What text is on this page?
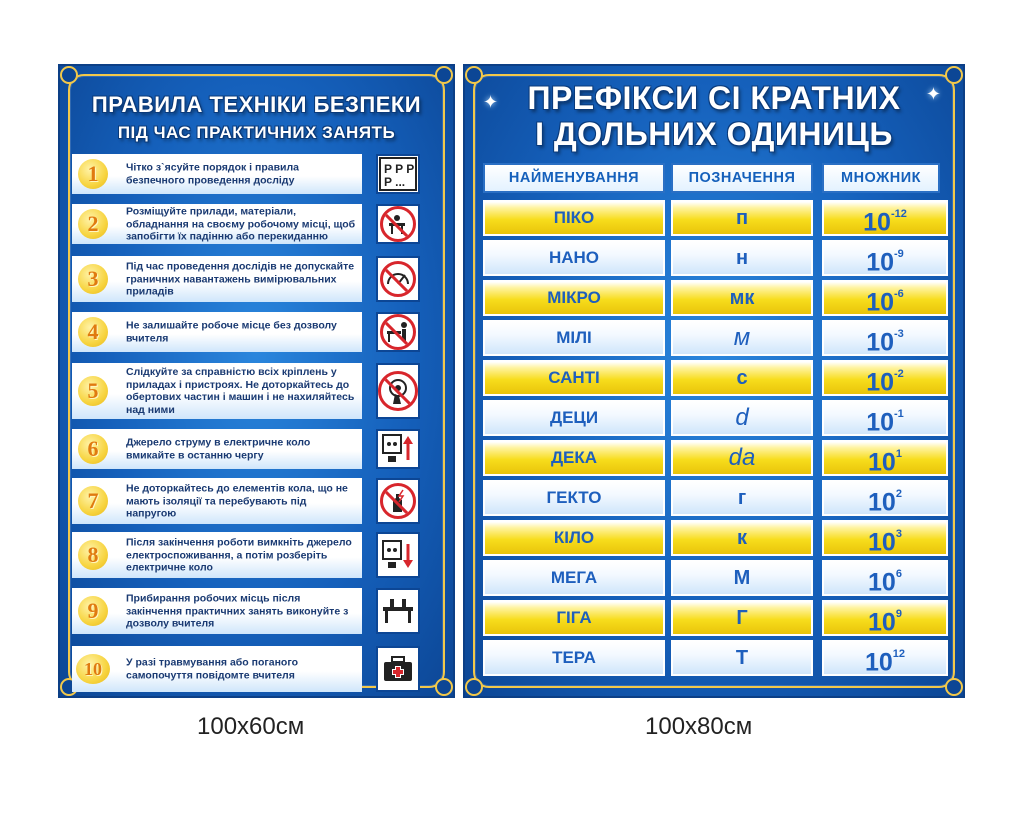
ПРАВИЛА ТЕХНІКИ БЕЗПЕКИ
ПІД ЧАС ПРАКТИЧНИХ ЗАНЯТЬ
1	Чітко з`ясуйте порядок і правила безпечного проведення досліду
P P P
P ...
2	Розміщуйте прилади, матеріали, обладнання на своєму робочому місці, щоб запобігти їх падінню або перекиданню
3	Під час проведення дослідів не допускайте граничних навантажень вимірювальних приладів
4	Не залишайте робоче місце без дозволу вчителя
5
Слідкуйте за справністю всіх кріплень у приладах і пристроях. Не доторкайтесь до обертових частин і машин і не нахиляйтесь над ними
6	Джерело струму в електричне коло вмикайте в останню чергу
7	Не доторкайтесь до елементів кола, що не мають ізоляції та перебувають під напругою
8	Після закінчення роботи вимкніть джерело електроспоживання, а потім розберіть електричне коло
9	Прибирання робочих місць після закінчення практичних занять виконуйте з дозволу вчителя
10	У разі травмування або поганого самопочуття повідомте вчителя
✦	✦
ПРЕФІКСИ СІ КРАТНИХ
І ДОЛЬНИХ ОДИНИЦЬ
НАЙМЕНУВАННЯ	ПОЗНАЧЕННЯ	МНОЖНИК
ПІКО	п	$10^{-12}$
НАНО	н	$10^{-9}$
МІКРО	мк	$10^{-6}$
МІЛІ	м	$10^{-3}$
САНТІ	с	$10^{-2}$
ДЕЦИ	d	$10^{-1}$
ДЕКА	da	$10^1$
ГЕКТО	г	$10^2$
КІЛО	к	$10^3$
МЕГА	М	$10^6$
ГІГА	Г	$10^9$
ТЕРА	Т	$10^{12}$
100х60см	100х80см
